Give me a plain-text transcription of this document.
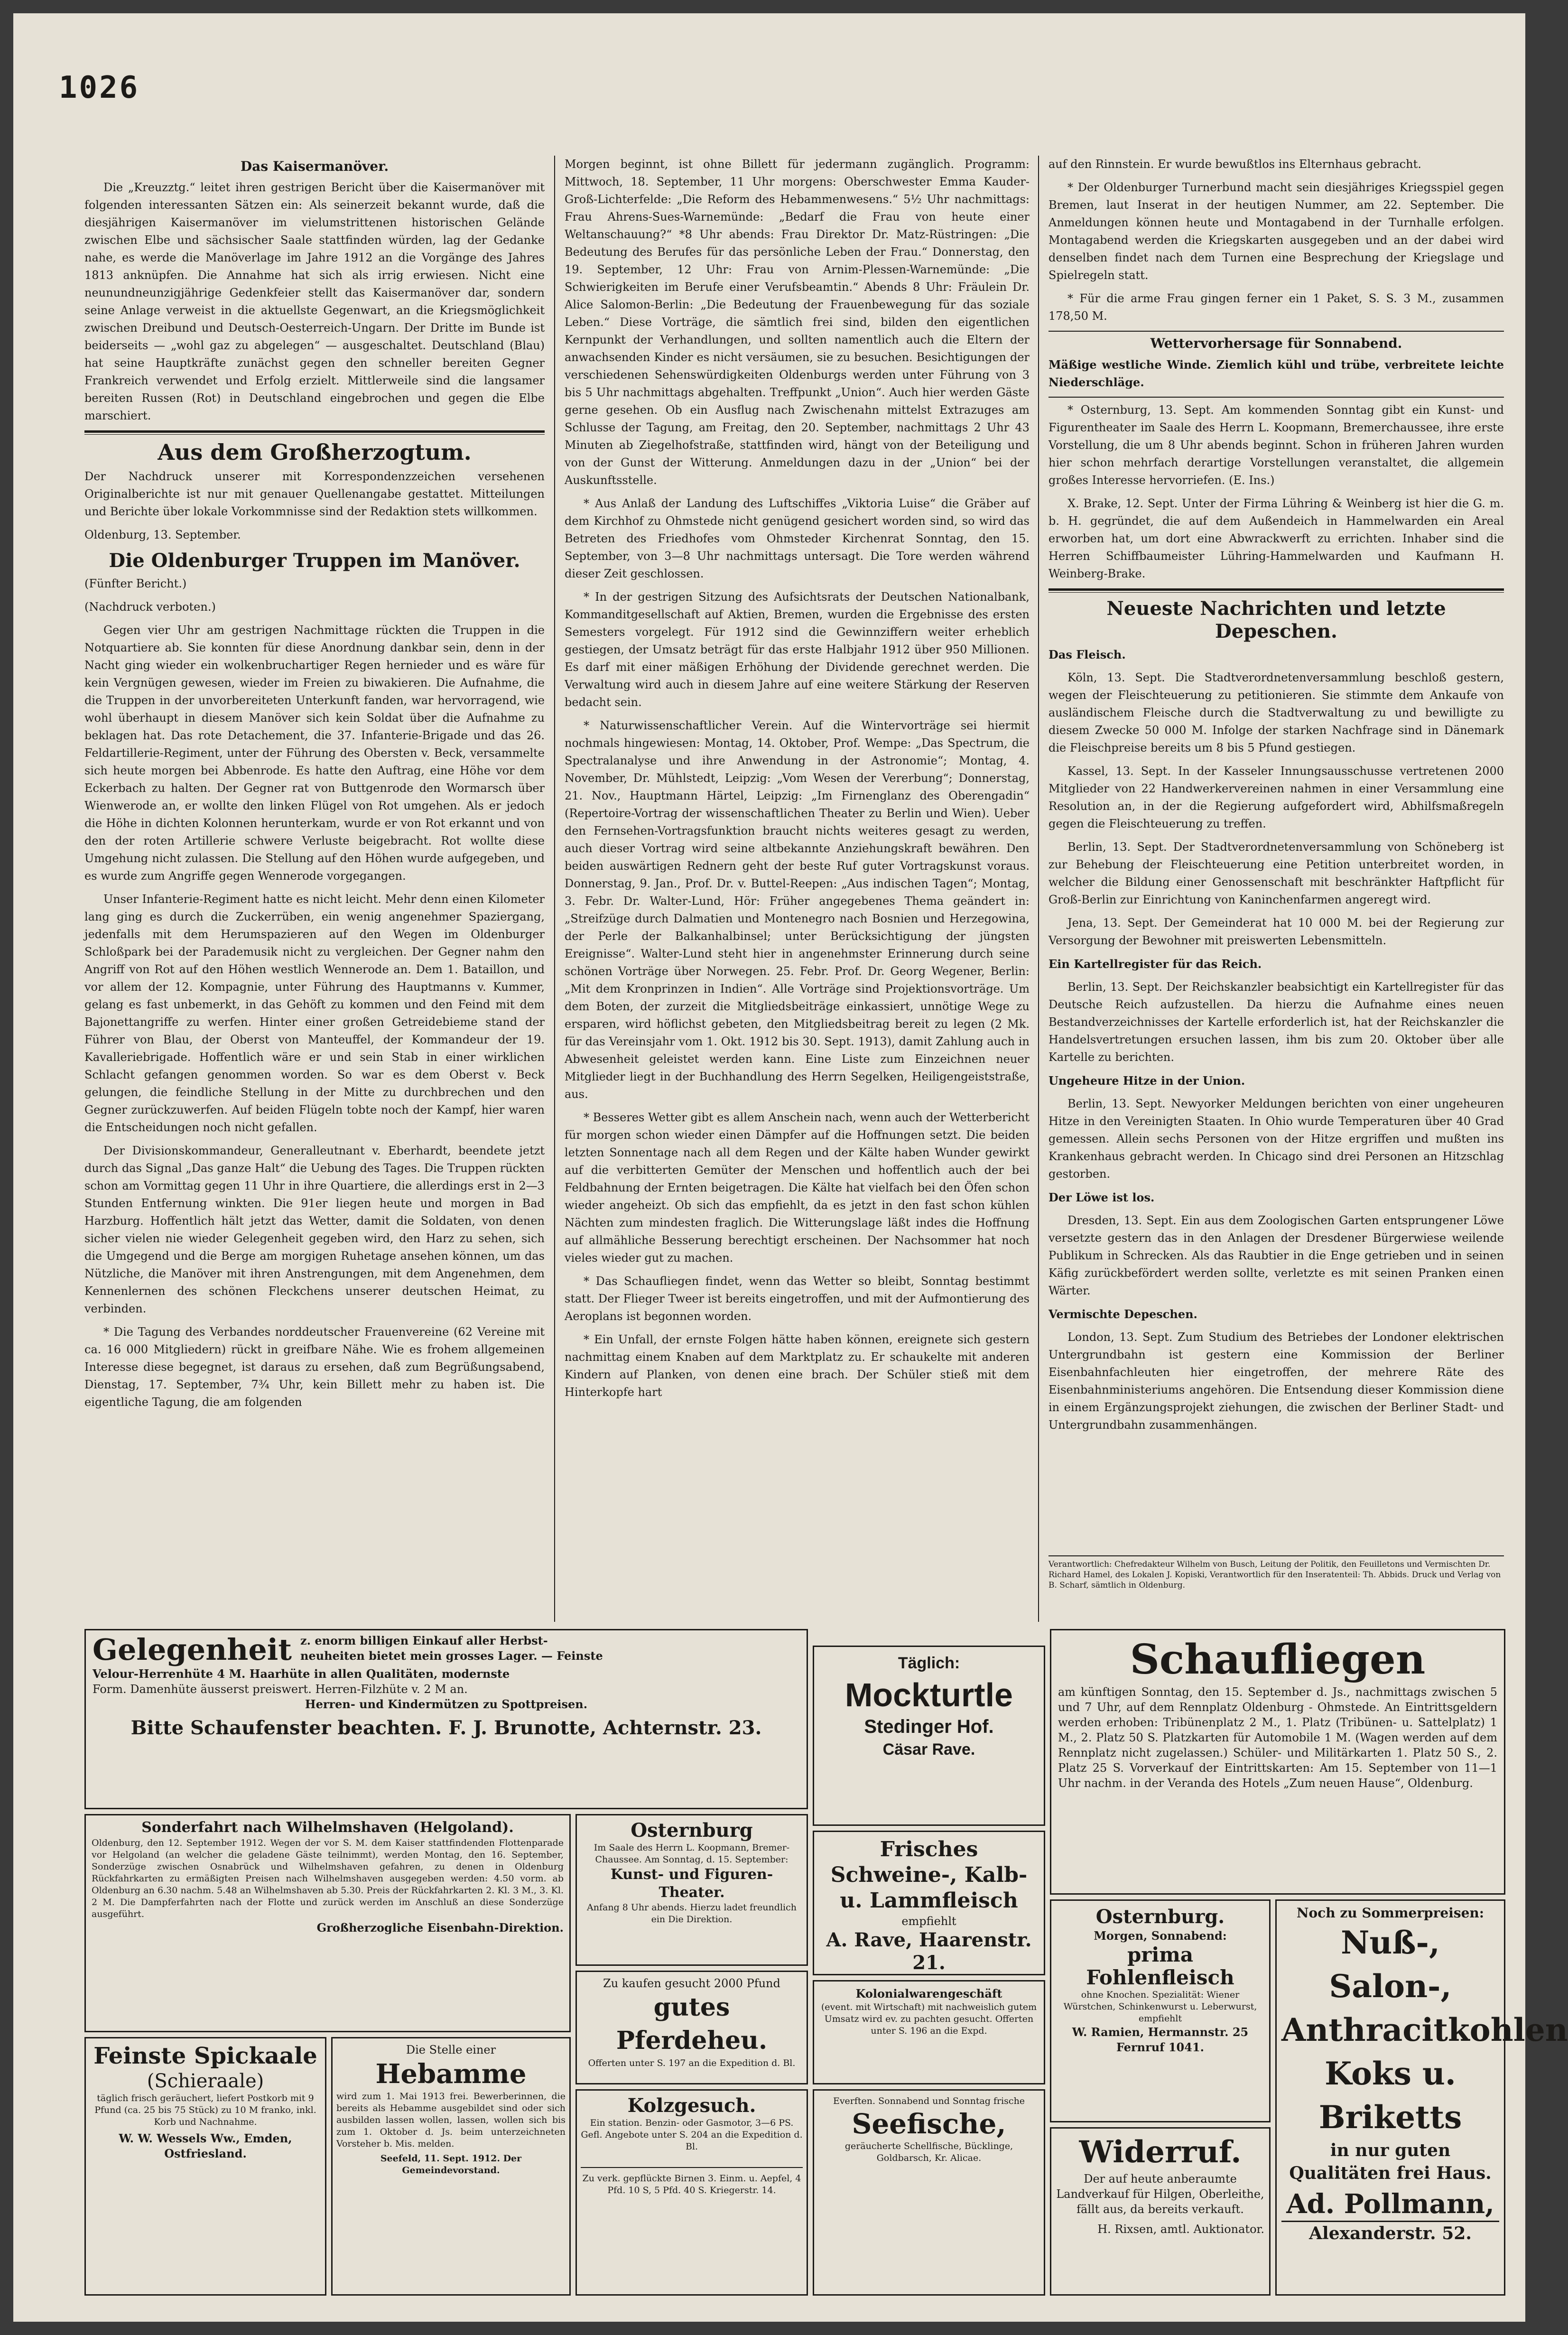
1026
Das Kaisermanöver.

Die „Kreuzztg.“ leitet ihren gestrigen Bericht über die Kaisermanöver mit folgenden interessanten Sätzen ein: Als seinerzeit bekannt wurde, daß die diesjährigen Kaisermanöver im vielumstrittenen historischen Gelände zwischen Elbe und sächsischer Saale stattfinden würden, lag der Gedanke nahe, es werde die Manöverlage im Jahre 1912 an die Vorgänge des Jahres 1813 anknüpfen. Die Annahme hat sich als irrig erwiesen. Nicht eine neunundneunzigjährige Gedenkfeier stellt das Kaisermanöver dar, sondern seine Anlage verweist in die aktuellste Gegenwart, an die Kriegsmöglichkeit zwischen Dreibund und Deutsch-Oesterreich-Ungarn. Der Dritte im Bunde ist beiderseits — „wohl gaz zu abgelegen“ — ausgeschaltet. Deutschland (Blau) hat seine Hauptkräfte zunächst gegen den schneller bereiten Gegner Frankreich verwendet und Erfolg erzielt. Mittlerweile sind die langsamer bereiten Russen (Rot) in Deutschland eingebrochen und gegen die Elbe marschiert.

Aus dem Großherzogtum.

Der Nachdruck unserer mit Korrespondenzzeichen versehenen Originalberichte ist nur mit genauer Quellenangabe gestattet. Mitteilungen und Berichte über lokale Vorkommnisse sind der Redaktion stets willkommen.

Oldenburg, 13. September.

Die Oldenburger Truppen im Manöver.

(Fünfter Bericht.)

(Nachdruck verboten.)

Gegen vier Uhr am gestrigen Nachmittage rückten die Truppen in die Notquartiere ab. Sie konnten für diese Anordnung dankbar sein, denn in der Nacht ging wieder ein wolkenbruchartiger Regen hernieder und es wäre für kein Vergnügen gewesen, wieder im Freien zu biwakieren. Die Aufnahme, die die Truppen in der unvorbereiteten Unterkunft fanden, war hervorragend, wie wohl überhaupt in diesem Manöver sich kein Soldat über die Aufnahme zu beklagen hat. Das rote Detachement, die 37. Infanterie-Brigade und das 26. Feldartillerie-Regiment, unter der Führung des Obersten v. Beck, versammelte sich heute morgen bei Abbenrode. Es hatte den Auftrag, eine Höhe vor dem Eckerbach zu halten. Der Gegner rat von Buttgenrode den Wormarsch über Wienwerode an, er wollte den linken Flügel von Rot umgehen. Als er jedoch die Höhe in dichten Kolonnen herunterkam, wurde er von Rot erkannt und von den der roten Artillerie schwere Verluste beigebracht. Rot wollte diese Umgehung nicht zulassen. Die Stellung auf den Höhen wurde aufgegeben, und es wurde zum Angriffe gegen Wennerode vorgegangen.

Unser Infanterie-Regiment hatte es nicht leicht. Mehr denn einen Kilometer lang ging es durch die Zuckerrüben, ein wenig angenehmer Spaziergang, jedenfalls mit dem Herumspazieren auf den Wegen im Oldenburger Schloßpark bei der Parademusik nicht zu vergleichen. Der Gegner nahm den Angriff von Rot auf den Höhen westlich Wennerode an. Dem 1. Bataillon, und vor allem der 12. Kompagnie, unter Führung des Hauptmanns v. Kummer, gelang es fast unbemerkt, in das Gehöft zu kommen und den Feind mit dem Bajonettangriffe zu werfen. Hinter einer großen Getreidebiemе stand der Führer von Blau, der Oberst von Manteuffel, der Kommandeur der 19. Kavalleriebrigade. Hoffentlich wäre er und sein Stab in einer wirklichen Schlacht gefangen genommen worden. So war es dem Oberst v. Beck gelungen, die feindliche Stellung in der Mitte zu durchbrechen und den Gegner zurückzuwerfen. Auf beiden Flügeln tobte noch der Kampf, hier waren die Entscheidungen noch nicht gefallen.

Der Divisionskommandeur, Generalleutnant v. Eberhardt, beendete jetzt durch das Signal „Das ganze Halt“ die Uebung des Tages. Die Truppen rückten schon am Vormittag gegen 11 Uhr in ihre Quartiere, die allerdings erst in 2—3 Stunden Entfernung winkten. Die 91er liegen heute und morgen in Bad Harzburg. Hoffentlich hält jetzt das Wetter, damit die Soldaten, von denen sicher vielen nie wieder Gelegenheit gegeben wird, den Harz zu sehen, sich die Umgegend und die Berge am morgigen Ruhetage ansehen können, um das Nützliche, die Manöver mit ihren Anstrengungen, mit dem Angenehmen, dem Kennenlernen des schönen Fleckchens unserer deutschen Heimat, zu verbinden.

* Die Tagung des Verbandes norddeutscher Frauenvereine (62 Vereine mit ca. 16 000 Mitgliedern) rückt in greifbare Nähe. Wie es frohem allgemeinen Interesse diese begegnet, ist daraus zu ersehen, daß zum Begrüßungsabend, Dienstag, 17. September, 7¾ Uhr, kein Billett mehr zu haben ist. Die eigentliche Tagung, die am folgenden

Morgen beginnt, ist ohne Billett für jedermann zugänglich. Programm: Mittwoch, 18. September, 11 Uhr morgens: Oberschwester Emma Kauder-Groß-Lichterfelde: „Die Reform des Hebammenwesens.“ 5½ Uhr nachmittags: Frau Ahrens-Sues-Warnemünde: „Bedarf die Frau von heute einer Weltanschauung?“ *8 Uhr abends: Frau Direktor Dr. Matz-Rüstringen: „Die Bedeutung des Berufes für das persönliche Leben der Frau.“ Donnerstag, den 19. September, 12 Uhr: Frau von Arnim-Plessen-Warnemünde: „Die Schwierigkeiten im Berufe einer Verufsbeamtin.“ Abends 8 Uhr: Fräulein Dr. Alice Salomon-Berlin: „Die Bedeutung der Frauenbewegung für das soziale Leben.“ Diese Vorträge, die sämtlich frei sind, bilden den eigentlichen Kernpunkt der Verhandlungen, und sollten namentlich auch die Eltern der anwachsenden Kinder es nicht versäumen, sie zu besuchen. Besichtigungen der verschiedenen Sehenswürdigkeiten Oldenburgs werden unter Führung von 3 bis 5 Uhr nachmittags abgehalten. Treffpunkt „Union“. Auch hier werden Gäste gerne gesehen. Ob ein Ausflug nach Zwischenahn mittelst Extrazuges am Schlusse der Tagung, am Freitag, den 20. September, nachmittags 2 Uhr 43 Minuten ab Ziegelhofstraße, stattfinden wird, hängt von der Beteiligung und von der Gunst der Witterung. Anmeldungen dazu in der „Union“ bei der Auskunftsstelle.

* Aus Anlaß der Landung des Luftschiffes „Viktoria Luise“ die Gräber auf dem Kirchhof zu Ohmstede nicht genügend gesichert worden sind, so wird das Betreten des Friedhofes vom Ohmsteder Kirchenrat Sonntag, den 15. September, von 3—8 Uhr nachmittags untersagt. Die Tore werden während dieser Zeit geschlossen.

* In der gestrigen Sitzung des Aufsichtsrats der Deutschen Nationalbank, Kommanditgesellschaft auf Aktien, Bremen, wurden die Ergebnisse des ersten Semesters vorgelegt. Für 1912 sind die Gewinnziffern weiter erheblich gestiegen, der Umsatz beträgt für das erste Halbjahr 1912 über 950 Millionen. Es darf mit einer mäßigen Erhöhung der Dividende gerechnet werden. Die Verwaltung wird auch in diesem Jahre auf eine weitere Stärkung der Reserven bedacht sein.

* Naturwissenschaftlicher Verein. Auf die Wintervorträge sei hiermit nochmals hingewiesen: Montag, 14. Oktober, Prof. Wempe: „Das Spectrum, die Spectralanalyse und ihre Anwendung in der Astronomie“; Montag, 4. November, Dr. Mühlstedt, Leipzig: „Vom Wesen der Vererbung“; Donnerstag, 21. Nov., Hauptmann Härtel, Leipzig: „Im Firnenglanz des Oberengadin“ (Repertoire-Vortrag der wissenschaftlichen Theater zu Berlin und Wien). Ueber den Fernsehen-Vortragsfunktion braucht nichts weiteres gesagt zu werden, auch dieser Vortrag wird seine altbekannte Anziehungskraft bewähren. Den beiden auswärtigen Rednern geht der beste Ruf guter Vortragskunst voraus. Donnerstag, 9. Jan., Prof. Dr. v. Buttel-Reepen: „Aus indischen Tagen“; Montag, 3. Febr. Dr. Walter-Lund, Hör: Früher angegebenes Thema geändert in: „Streifzüge durch Dalmatien und Montenegro nach Bosnien und Herzegowina, der Perle der Balkanhalbinsel; unter Berücksichtigung der jüngsten Ereignisse“. Walter-Lund steht hier in angenehmster Erinnerung durch seine schönen Vorträge über Norwegen. 25. Febr. Prof. Dr. Georg Wegener, Berlin: „Mit dem Kronprinzen in Indien“. Alle Vorträge sind Projektionsvorträge. Um dem Boten, der zurzeit die Mitgliedsbeiträge einkassiert, unnötige Wege zu ersparen, wird höflichst gebeten, den Mitgliedsbeitrag bereit zu legen (2 Mk. für das Vereinsjahr vom 1. Okt. 1912 bis 30. Sept. 1913), damit Zahlung auch in Abwesenheit geleistet werden kann. Eine Liste zum Einzeichnen neuer Mitglieder liegt in der Buchhandlung des Herrn Segelken, Heiligengeiststraße, aus.

* Besseres Wetter gibt es allem Anschein nach, wenn auch der Wetterbericht für morgen schon wieder einen Dämpfer auf die Hoffnungen setzt. Die beiden letzten Sonnentage nach all dem Regen und der Kälte haben Wunder gewirkt auf die verbitterten Gemüter der Menschen und hoffentlich auch der bei Feldbahnung der Ernten beigetragen. Die Kälte hat vielfach bei den Öfen schon wieder angeheizt. Ob sich das empfiehlt, da es jetzt in den fast schon kühlen Nächten zum mindesten fraglich. Die Witterungslage läßt indes die Hoffnung auf allmähliche Besserung berechtigt erscheinen. Der Nachsommer hat noch vieles wieder gut zu machen.

* Das Schaufliegen findet, wenn das Wetter so bleibt, Sonntag bestimmt statt. Der Flieger Tweer ist bereits eingetroffen, und mit der Aufmontierung des Aeroplans ist begonnen worden.

* Ein Unfall, der ernste Folgen hätte haben können, ereignete sich gestern nachmittag einem Knaben auf dem Marktplatz zu. Er schaukelte mit anderen Kindern auf Planken, von denen eine brach. Der Schüler stieß mit dem Hinterkopfe hart

auf den Rinnstein. Er wurde bewußtlos ins Elternhaus gebracht.

* Der Oldenburger Turnerbund macht sein diesjähriges Kriegsspiel gegen Bremen, laut Inserat in der heutigen Nummer, am 22. September. Die Anmeldungen können heute und Montagabend in der Turnhalle erfolgen. Montagabend werden die Kriegskarten ausgegeben und an der dabei wird denselben findet nach dem Turnen eine Besprechung der Kriegslage und Spielregeln statt.

* Für die arme Frau gingen ferner ein 1 Paket, S. S. 3 M., zusammen 178,50 M.

Wettervorhersage für Sonnabend.

Mäßige westliche Winde. Ziemlich kühl und trübe, verbreitete leichte Niederschläge.

* Osternburg, 13. Sept. Am kommenden Sonntag gibt ein Kunst- und Figurentheater im Saale des Herrn L. Koopmann, Bremerchaussee, ihre erste Vorstellung, die um 8 Uhr abends beginnt. Schon in früheren Jahren wurden hier schon mehrfach derartige Vorstellungen veranstaltet, die allgemein großes Interesse hervorriefen. (E. Ins.)

X. Brake, 12. Sept. Unter der Firma Lühring & Weinberg ist hier die G. m. b. H. gegründet, die auf dem Außendeich in Hammelwarden ein Areal erworben hat, um dort eine Abwrackwerft zu errichten. Inhaber sind die Herren Schiffbaumeister Lühring-Hammelwarden und Kaufmann H. Weinberg-Brake.

Neueste Nachrichten und letzte Depeschen.

Das Fleisch.

Köln, 13. Sept. Die Stadtverordnetenversammlung beschloß gestern, wegen der Fleischteuerung zu petitionieren. Sie stimmte dem Ankaufe von ausländischem Fleische durch die Stadtverwaltung zu und bewilligte zu diesem Zwecke 50 000 M. Infolge der starken Nachfrage sind in Dänemark die Fleischpreise bereits um 8 bis 5 Pfund gestiegen.

Kassel, 13. Sept. In der Kasseler Innungsausschusse vertretenen 2000 Mitglieder von 22 Handwerkervereinen nahmen in einer Versammlung eine Resolution an, in der die Regierung aufgefordert wird, Abhilfsmaßregeln gegen die Fleischteuerung zu treffen.

Berlin, 13. Sept. Der Stadtverordnetenversammlung von Schöneberg ist zur Behebung der Fleischteuerung eine Petition unterbreitet worden, in welcher die Bildung einer Genossenschaft mit beschränkter Haftpflicht für Groß-Berlin zur Einrichtung von Kaninchenfarmen angeregt wird.

Jena, 13. Sept. Der Gemeinderat hat 10 000 M. bei der Regierung zur Versorgung der Bewohner mit preiswerten Lebensmitteln.

Ein Kartellregister für das Reich.

Berlin, 13. Sept. Der Reichskanzler beabsichtigt ein Kartellregister für das Deutsche Reich aufzustellen. Da hierzu die Aufnahme eines neuen Bestandverzeichnisses der Kartelle erforderlich ist, hat der Reichskanzler die Handelsvertretungen ersuchen lassen, ihm bis zum 20. Oktober über alle Kartelle zu berichten.

Ungeheure Hitze in der Union.

Berlin, 13. Sept. Newyorker Meldungen berichten von einer ungeheuren Hitze in den Vereinigten Staaten. In Ohio wurde Temperaturen über 40 Grad gemessen. Allein sechs Personen von der Hitze ergriffen und mußten ins Krankenhaus gebracht werden. In Chicago sind drei Personen an Hitzschlag gestorben.

Der Löwe ist los.

Dresden, 13. Sept. Ein aus dem Zoologischen Garten entsprungener Löwe versetzte gestern das in den Anlagen der Dresdener Bürgerwiese weilende Publikum in Schrecken. Als das Raubtier in die Enge getrieben und in seinen Käfig zurückbefördert werden sollte, verletzte es mit seinen Pranken einen Wärter.

Vermischte Depeschen.

London, 13. Sept. Zum Studium des Betriebes der Londoner elektrischen Untergrundbahn ist gestern eine Kommission der Berliner Eisenbahnfachleuten hier eingetroffen, der mehrere Räte des Eisenbahnministeriums angehören. Die Entsendung dieser Kommission diene in einem Ergänzungsprojekt ziehungen, die zwischen der Berliner Stadt- und Untergrundbahn zusammenhängen.

Verantwortlich: Chefredakteur Wilhelm von Busch, Leitung der Politik, den Feuilletons und Vermischten Dr. Richard Hamel, des Lokalen J. Kopiski, Verantwortlich für den Inseratenteil: Th. Abbids. Druck und Verlag von B. Scharf, sämtlich in Oldenburg.
Gelegenheit z. enorm billigen Einkauf aller Herbst-
neuheiten bietet mein grosses Lager. — Feinste
Velour-Herrenhüte 4 M. Haarhüte in allen Qualitäten, modernste
Form. Damenhüte äusserst preiswert. Herren-Filzhüte v. 2 M an.
Herren- und Kindermützen zu Spottpreisen.
Bitte Schaufenster beachten. F. J. Brunotte, Achternstr. 23.
Sonderfahrt nach Wilhelmshaven (Helgoland).
Oldenburg, den 12. September 1912. Wegen der vor S. M. dem Kaiser stattfindenden Flottenparade vor Helgoland (an welcher die geladene Gäste teilnimmt), werden Montag, den 16. September, Sonderzüge zwischen Osnabrück und Wilhelmshaven gefahren, zu denen in Oldenburg Rückfahrkarten zu ermäßigten Preisen nach Wilhelmshaven ausgegeben werden: 4.50 vorm. ab Oldenburg an 6.30 nachm. 5.48 an Wilhelmshaven ab 5.30. Preis der Rückfahrkarten 2. Kl. 3 M., 3. Kl. 2 M. Die Dampferfahrten nach der Flotte und zurück werden im Anschluß an diese Sonderzüge ausgeführt.
Großherzogliche Eisenbahn-Direktion.
Feinste Spickaale
(Schieraale)
täglich frisch geräuchert, liefert Postkorb mit 9 Pfund (ca. 25 bis 75 Stück) zu 10 M franko, inkl. Korb und Nachnahme.
W. W. Wessels Ww., Emden, Ostfriesland.
Die Stelle einer
Hebamme
wird zum 1. Mai 1913 frei. Bewerberinnen, die bereits als Hebamme ausgebildet sind oder sich ausbilden lassen wollen, lassen, wollen sich bis zum 1. Oktober d. Js. beim unterzeichneten Vorsteher b. Mis. melden.
Seefeld, 11. Sept. 1912. Der Gemeindevorstand.
Osternburg
Im Saale des Herrn L. Koopmann, Bremer-Chaussee. Am Sonntag, d. 15. September:
Kunst- und Figuren-Theater.
Anfang 8 Uhr abends. Hierzu ladet freundlich ein Die Direktion.
Zu kaufen gesucht 2000 Pfund
gutes Pferdeheu.
Offerten unter S. 197 an die Expedition d. Bl.
Kolzgesuch.
Ein station. Benzin- oder Gasmotor, 3—6 PS. Gefl. Angebote unter S. 204 an die Expedition d. Bl.
Zu verk. gepflückte Birnen 3. Einm. u. Aepfel, 4 Pfd. 10 S, 5 Pfd. 40 S. Kriegerstr. 14.
Täglich:
Mockturtle
Stedinger Hof.
Cäsar Rave.
Frisches Schweine-, Kalb- u. Lammfleisch
empfiehlt
A. Rave, Haarenstr. 21.
Kolonialwarengeschäft
(event. mit Wirtschaft) mit nachweislich gutem Umsatz wird ev. zu pachten gesucht. Offerten unter S. 196 an die Expd.
Everften. Sonnabend und Sonntag frische
Seefische,
geräucherte Schellfische, Bücklinge, Goldbarsch, Kr. Alicae.
Schaufliegen
am künftigen Sonntag, den 15. September d. Js., nachmittags zwischen 5 und 7 Uhr, auf dem Rennplatz Oldenburg - Ohmstede. An Eintrittsgeldern werden erhoben: Tribünenplatz 2 M., 1. Platz (Tribünen- u. Sattelplatz) 1 M., 2. Platz 50 S. Platzkarten für Automobile 1 M. (Wagen werden auf dem Rennplatz nicht zugelassen.) Schüler- und Militärkarten 1. Platz 50 S., 2. Platz 25 S. Vorverkauf der Eintrittskarten: Am 15. September von 11—1 Uhr nachm. in der Veranda des Hotels „Zum neuen Hause“, Oldenburg.
Osternburg.
Morgen, Sonnabend:
prima Fohlenfleisch
ohne Knochen. Spezialität: Wiener Würstchen, Schinkenwurst u. Leberwurst, empfiehlt
W. Ramien, Hermannstr. 25 Fernruf 1041.
Widerruf.
Der auf heute anberaumte Landverkauf für Hilgen, Oberleithe, fällt aus, da bereits verkauft.
H. Rixsen, amtl. Auktionator.
Noch zu Sommerpreisen:
Nuß-, Salon-, Anthracitkohlen Koks u. Briketts
in nur guten Qualitäten frei Haus.
Ad. Pollmann,
Alexanderstr. 52.
